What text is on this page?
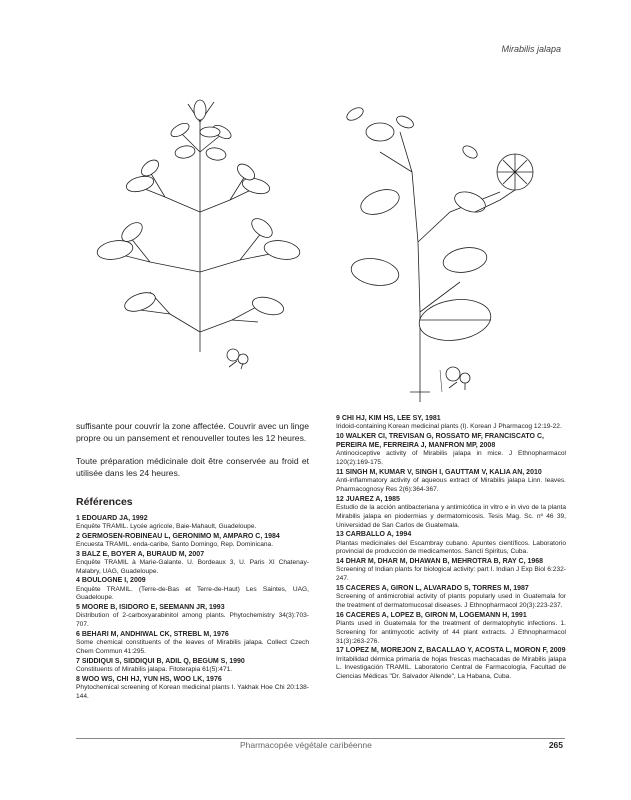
Mirabilis jalapa

suffisante pour couvrir la zone affectée. Couvrir avec un linge propre ou un pansement et renouveller toutes les 12 heures.

Toute préparation médicinale doit être conservée au froid et utilisée dans les 24 heures.

Références

1 EDOUARD JA, 1992

Enquête TRAMIL. Lycée agricole, Baie-Mahault, Guadeloupe.

2 GERMOSEN-ROBINEAU L, GERONIMO M, AMPARO C, 1984

Encuesta TRAMIL. enda-caribe, Santo Domingo, Rep. Dominicana.

3 BALZ E, BOYER A, BURAUD M, 2007

Enquête TRAMIL à Marie-Galante. U. Bordeaux 3, U. Paris XI Chatenay-Malabry, UAG, Guadeloupe.

4 BOULOGNE I, 2009

Enquête TRAMIL. (Terre-de-Bas et Terre-de-Haut) Les Saintes, UAG, Guadeloupe.

5 MOORE B, ISIDORO E, SEEMANN JR, 1993

Distribution of 2-carboxyarabinitol among plants. Phytochemistry 34(3):703-707.

6 BEHARI M, ANDHIWAL CK, STREBL M, 1976

Some chemical constituents of the leaves of Mirabilis jalapa. Collect Czech Chem Commun 41:295.

7 SIDDIQUI S, SIDDIQUI B, ADIL Q, BEGUM S, 1990

Constituents of Mirabilis jalapa. Fitoterapia 61(5):471.

8 WOO WS, CHI HJ, YUN HS, WOO LK, 1976

Phytochemical screening of Korean medicinal plants I. Yakhak Hoe Chi 20:138-144.

9 CHI HJ, KIM HS, LEE SY, 1981

Iridoid-containing Korean medicinal plants (I). Korean J Pharmacog 12:19-22.

10 WALKER CI, TREVISAN G, ROSSATO MF, FRANCISCATO C, PEREIRA ME, FERREIRA J, MANFRON MP, 2008

Antinociceptive activity of Mirabilis jalapa in mice. J Ethnopharmacol 120(2):169-175.

11 SINGH M, KUMAR V, SINGH I, GAUTTAM V, KALIA AN, 2010

Anti-inflammatory activity of aqueous extract of Mirabilis jalapa Linn. leaves. Pharmacognosy Res 2(6):364-367.

12 JUAREZ A, 1985

Estudio de la acción antibacteriana y antimicótica in vitro e in vivo de la planta Mirabilis jalapa en piodermias y dermatomicosis. Tesis Mag. Sc. nº 46 39, Universidad de San Carlos de Guatemala.

13 CARBALLO A, 1994

Plantas medicinales del Escambray cubano. Apuntes científicos. Laboratorio provincial de producción de medicamentos. Sancti Spiritus, Cuba.

14 DHAR M, DHAR M, DHAWAN B, MEHROTRA B, RAY C, 1968

Screening of Indian plants for biological activity: part I. Indian J Exp Biol 6:232-247.

15 CACERES A, GIRON L, ALVARADO S, TORRES M, 1987

Screening of antimicrobial activity of plants popularly used in Guatemala for the treatment of dermatomucosal diseases. J Ethnopharmacol 20(3):223-237.

16 CACERES A, LOPEZ B, GIRON M, LOGEMANN H, 1991

Plants used in Guatemala for the treatment of dermatophytic infections. 1. Screening for antimycotic activity of 44 plant extracts. J Ethnopharmacol 31(3):263-276.

17 LOPEZ M, MOREJON Z, BACALLAO Y, ACOSTA L, MORON F, 2009

Irritabilidad dérmica primaria de hojas frescas machacadas de Mirabilis jalapa L. Investigación TRAMIL. Laboratorio Central de Farmacología, Facultad de Ciencias Médicas "Dr. Salvador Allende", La Habana, Cuba.

Pharmacopée végétale caribéenne	265
